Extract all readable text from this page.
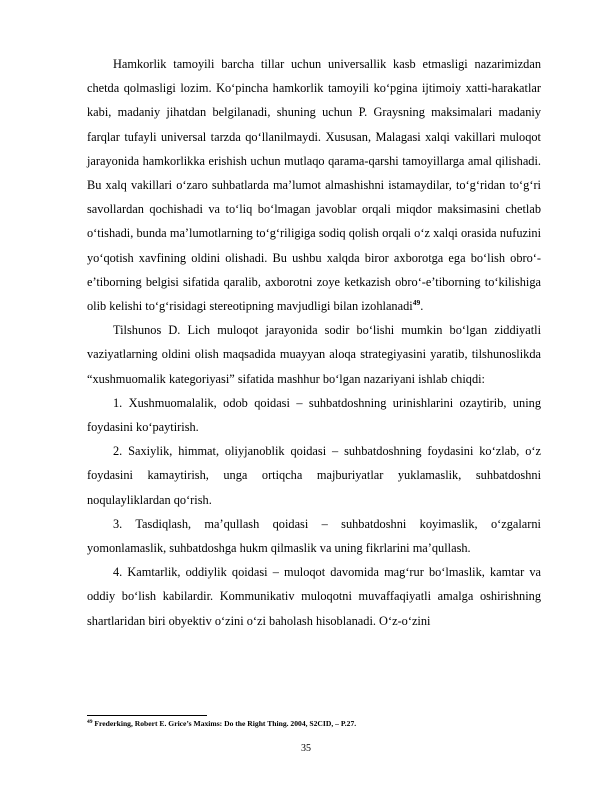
Hamkorlik tamoyili barcha tillar uchun universallik kasb etmasligi nazarimizdan chetda qolmasligi lozim. Ko‘pincha hamkorlik tamoyili ko‘pgina ijtimoiy xatti-harakatlar kabi, madaniy jihatdan belgilanadi, shuning uchun P. Graysning maksimalari madaniy farqlar tufayli universal tarzda qo‘llanilmaydi. Xususan, Malagasi xalqi vakillari muloqot jarayonida hamkorlikka erishish uchun mutlaqo qarama-qarshi tamoyillarga amal qilishadi. Bu xalq vakillari o‘zaro suhbatlarda ma’lumot almashishni istamaydilar, to‘g‘ridan to‘g‘ri savollardan qochishadi va to‘liq bo‘lmagan javoblar orqali miqdor maksimasini chetlab o‘tishadi, bunda ma’lumotlarning to‘g‘riligiga sodiq qolish orqali o‘z xalqi orasida nufuzini yo‘qotish xavfining oldini olishadi. Bu ushbu xalqda biror axborotga ega bo‘lish obro‘-e’tiborning belgisi sifatida qaralib, axborotni zoye ketkazish obro‘-e’tiborning to‘kilishiga olib kelishi to‘g‘risidagi stereotipning mavjudligi bilan izohlanadi$^{49}$.

Tilshunos D. Lich muloqot jarayonida sodir bo‘lishi mumkin bo‘lgan ziddiyatli vaziyatlarning oldini olish maqsadida muayyan aloqa strategiyasini yaratib, tilshunoslikda “xushmuomalik kategoriyasi” sifatida mashhur bo‘lgan nazariyani ishlab chiqdi:

1. Xushmuomalalik, odob qoidasi – suhbatdoshning urinishlarini ozaytirib, uning foydasini ko‘paytirish.

2. Saxiylik, himmat, oliyjanoblik qoidasi – suhbatdoshning foydasini ko‘zlab, o‘z foydasini kamaytirish, unga ortiqcha majburiyatlar yuklamaslik, suhbatdoshni noqulayliklardan qo‘rish.

3. Tasdiqlash, ma’qullash qoidasi – suhbatdoshni koyimaslik, o‘zgalarni yomonlamaslik, suhbatdoshga hukm qilmaslik va uning fikrlarini ma’qullash.

4. Kamtarlik, oddiylik qoidasi – muloqot davomida mag‘rur bo‘lmaslik, kamtar va oddiy bo‘lish kabilardir. Kommunikativ muloqotni muvaffaqiyatli amalga oshirishning shartlaridan biri obyektiv o‘zini o‘zi baholash hisoblanadi. O‘z-o‘zini

$^{49}$ Frederking, Robert E. Grice’s Maxims: Do the Right Thing. 2004, S2CID, – P.27.
35
